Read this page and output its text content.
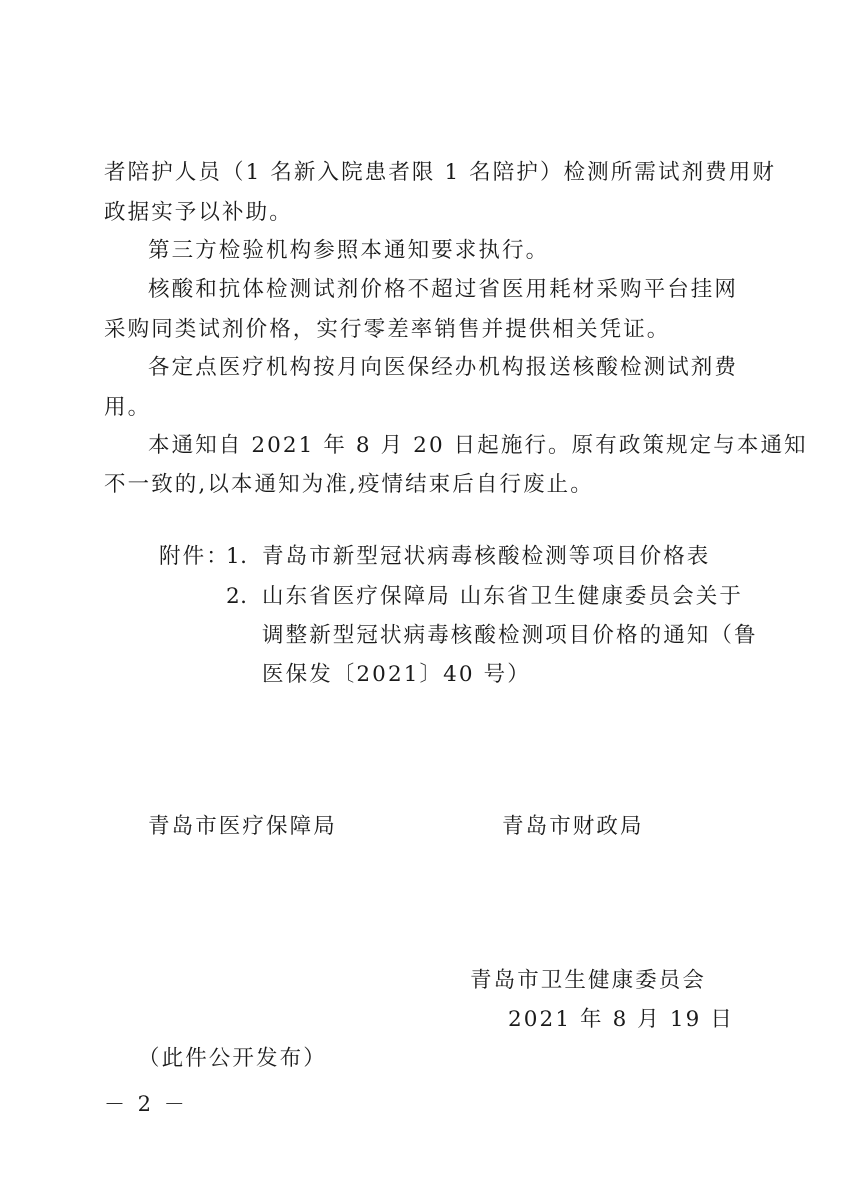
者陪护人员（1 名新入院患者限 1 名陪护）检测所需试剂费用财
政据实予以补助。
第三方检验机构参照本通知要求执行。
核酸和抗体检测试剂价格不超过省医用耗材采购平台挂网
采购同类试剂价格，实行零差率销售并提供相关凭证。
各定点医疗机构按月向医保经办机构报送核酸检测试剂费
用。
本通知自 2021 年 8 月 20 日起施行。原有政策规定与本通知
不一致的,以本通知为准,疫情结束后自行废止。
附件：
1. 青岛市新型冠状病毒核酸检测等项目价格表
2. 山东省医疗保障局 山东省卫生健康委员会关于
调整新型冠状病毒核酸检测项目价格的通知（鲁
医保发〔2021〕40 号）
青岛市医疗保障局	青岛市财政局
青岛市卫生健康委员会
2021 年 8 月 19 日
（此件公开发布）
－ 2 －
